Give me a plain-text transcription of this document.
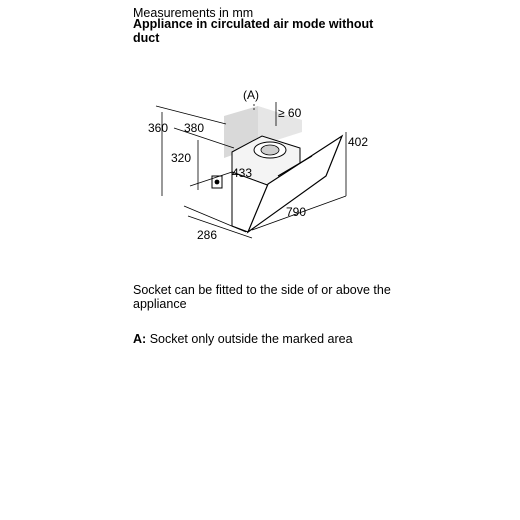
Measurements in mm
Appliance in circulated air mode without duct
(A)
≥ 60
360 380
320
433
402
790
286
Socket can be fitted to the side of or above the appliance
A: Socket only outside the marked area
